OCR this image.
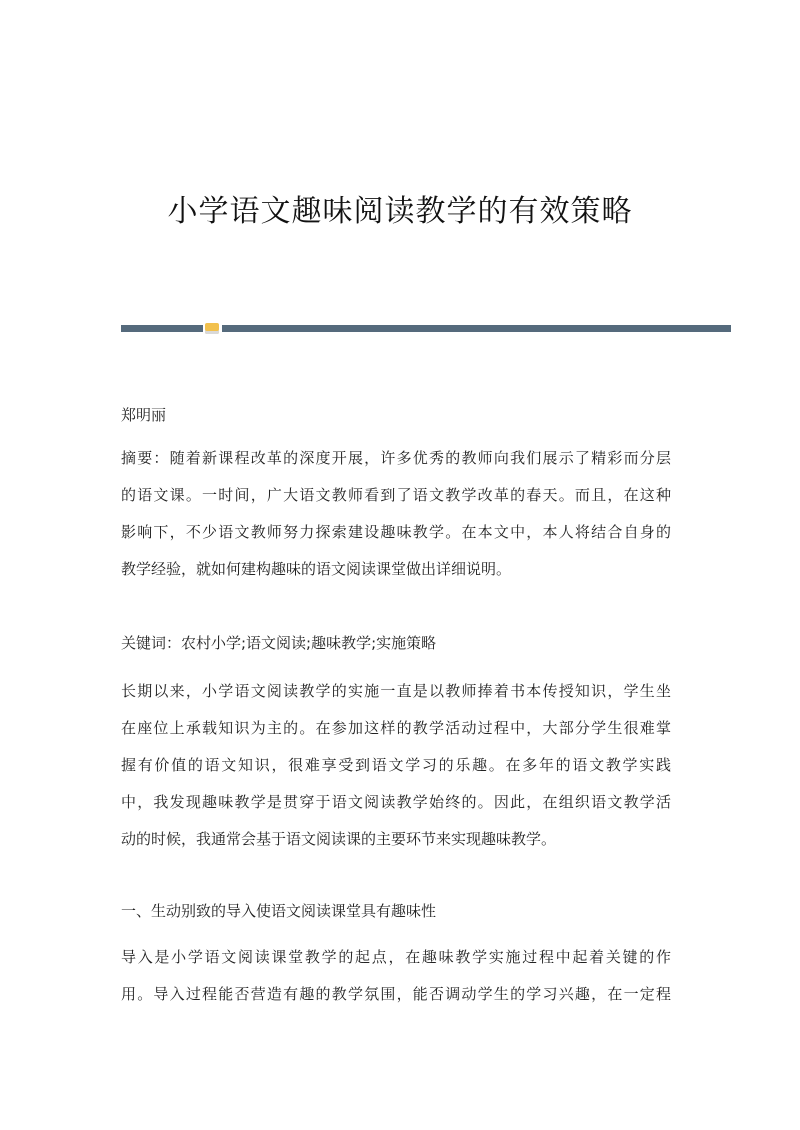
小学语文趣味阅读教学的有效策略
郑明丽
摘要：随着新课程改革的深度开展，许多优秀的教师向我们展示了精彩而分层
的语文课。一时间，广大语文教师看到了语文教学改革的春天。而且，在这种
影响下，不少语文教师努力探索建设趣味教学。在本文中，本人将结合自身的
教学经验，就如何建构趣味的语文阅读课堂做出详细说明。
关键词：农村小学;语文阅读;趣味教学;实施策略
长期以来，小学语文阅读教学的实施一直是以教师捧着书本传授知识，学生坐
在座位上承载知识为主的。在参加这样的教学活动过程中，大部分学生很难掌
握有价值的语文知识，很难享受到语文学习的乐趣。在多年的语文教学实践
中，我发现趣味教学是贯穿于语文阅读教学始终的。因此，在组织语文教学活
动的时候，我通常会基于语文阅读课的主要环节来实现趣味教学。
一、生动别致的导入使语文阅读课堂具有趣味性
导入是小学语文阅读课堂教学的起点，在趣味教学实施过程中起着关键的作
用。导入过程能否营造有趣的教学氛围，能否调动学生的学习兴趣，在一定程
